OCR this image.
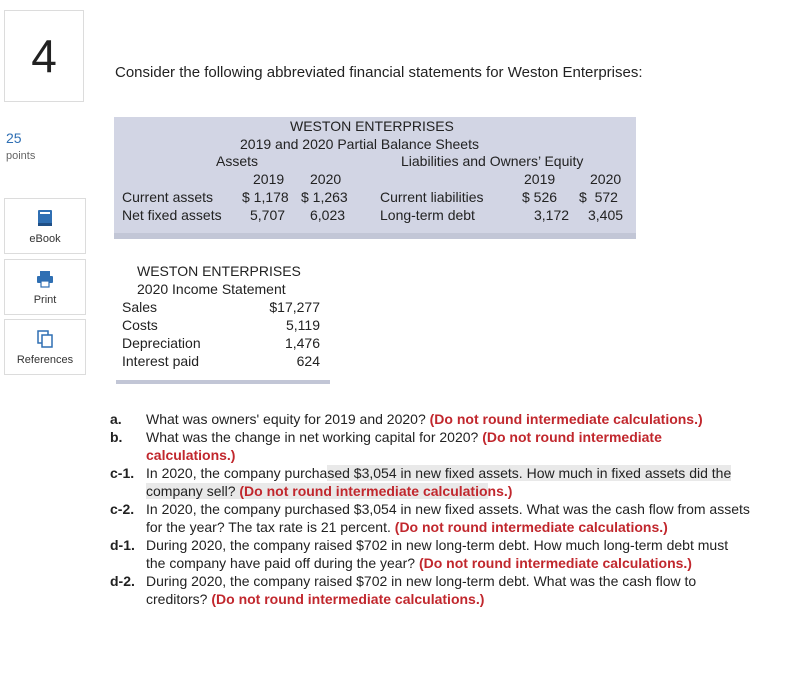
4
25
points
eBook
Print
References
Consider the following abbreviated financial statements for Weston Enterprises:
WESTON ENTERPRISES
2019 and 2020 Partial Balance Sheets
Assets	Liabilities and Owners’ Equity
2019 2020	2019 2020
Current assets $ 1,178 $ 1,263 Current liabilities	$ 526 $  572
Net fixed assets 5,707 6,023 Long-term debt	3,172 3,405
WESTON ENTERPRISES
2020 Income Statement
Sales	$17,277
Costs	5,119
Depreciation	1,476
Interest paid	624
a. What was owners' equity for 2019 and 2020? (Do not round intermediate calculations.)
b. What was the change in net working capital for 2020? (Do not round intermediate calculations.)
c-1. In 2020, the company purchased $3,054 in new fixed assets. How much in fixed assets did the company sell? (Do not round intermediate calculations.)
c-2. In 2020, the company purchased $3,054 in new fixed assets. What was the cash flow from assets for the year? The tax rate is 21 percent. (Do not round intermediate calculations.)
d-1. During 2020, the company raised $702 in new long-term debt. How much long-term debt must the company have paid off during the year? (Do not round intermediate calculations.)
d-2. During 2020, the company raised $702 in new long-term debt. What was the cash flow to creditors? (Do not round intermediate calculations.)
